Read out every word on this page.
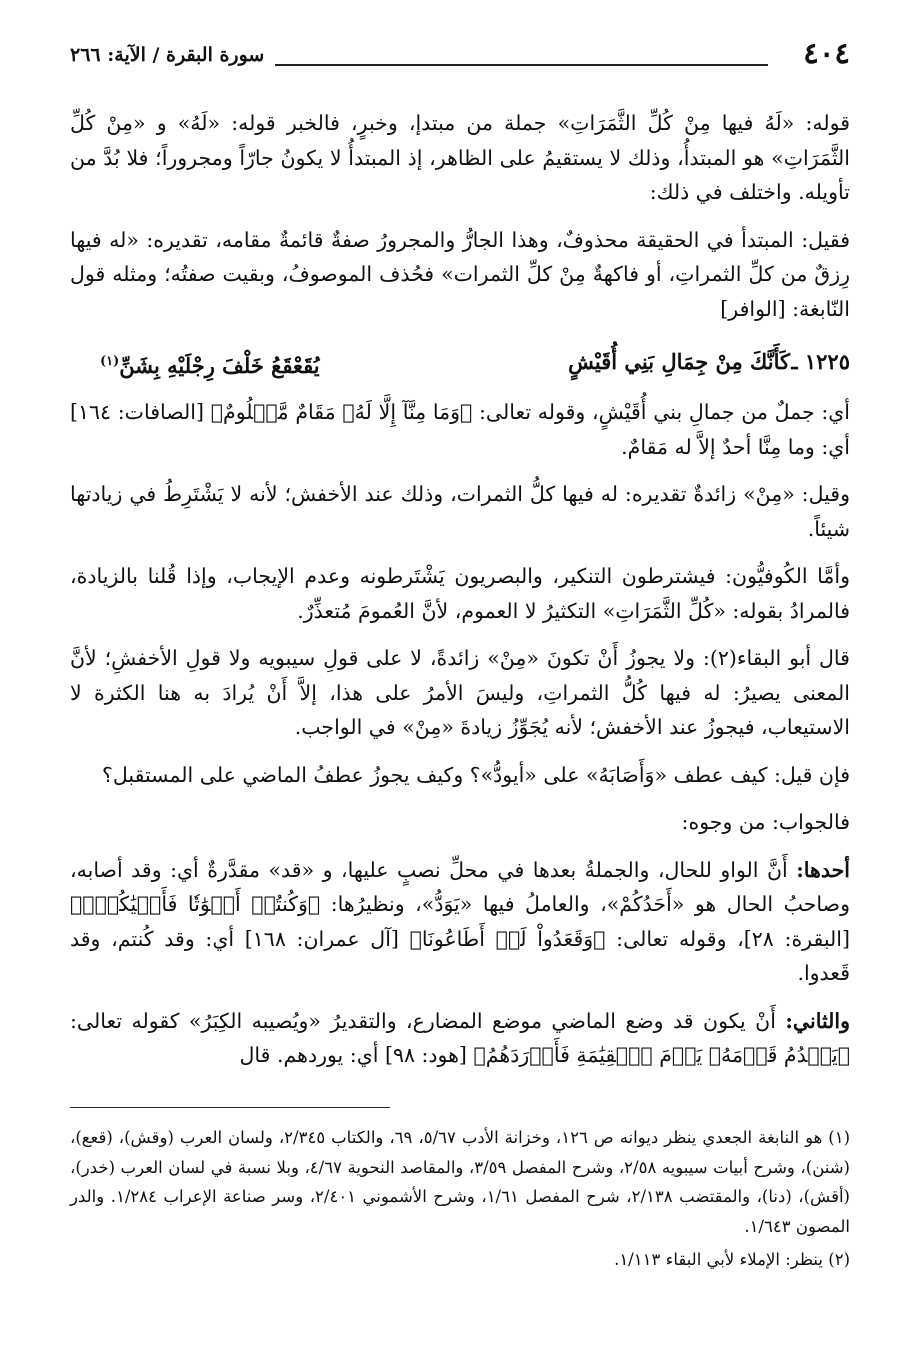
٤٠٤
سورة البقرة / الآية: ٢٦٦

قوله: «لَهُ فيها مِنْ كُلِّ الثَّمَرَاتِ» جملة من مبتدإ، وخبرٍ، فالخبر قوله: «لَهُ» و «مِنْ كُلِّ الثَّمَرَاتِ» هو المبتدأُ، وذلك لا يستقيمُ على الظاهر، إذ المبتدأُ لا يكونُ جارّاً ومجروراً؛ فلا بُدَّ من تأويله. واختلف في ذلك:

فقيل: المبتدأ في الحقيقة محذوفٌ، وهذا الجارُّ والمجرورُ صفةٌ قائمةٌ مقامه، تقديره: «له فيها رِزقٌ من كلِّ الثمراتِ، أو فاكهةٌ مِنْ كلِّ الثمرات» فحُذف الموصوفُ، وبقيت صفتُه؛ ومثله قول النّابغة: [الوافر]

١٢٢٥ ـ
كَأَنَّكَ مِنْ جِمَالِ بَنِي أُقَيْشٍ
يُقَعْقَعُ خَلْفَ رِجْلَيْهِ بِشَنِّ$^{(١)}$

أي: جملٌ من جمالِ بني أُقَيْشٍ، وقوله تعالى: ﴿وَمَا مِنَّآ إِلَّا لَهُۥ مَقَامٌ مَّعۡلُومٌ﴾ [الصافات: ١٦٤] أي: وما مِنَّا أحدٌ إلاَّ له مَقامٌ.

وقيل: «مِنْ» زائدةٌ تقديره: له فيها كلُّ الثمرات، وذلك عند الأخفش؛ لأنه لا يَشْتَرِطُ في زيادتها شيئاً.

وأمَّا الكُوفيُّون: فيشترطون التنكير، والبصريون يَشْتَرطونه وعدم الإيجاب، وإذا قُلنا بالزيادة، فالمرادُ بقوله: «كُلِّ الثَّمَرَاتِ» التكثيرُ لا العموم، لأنَّ العُمومَ مُتعذِّرٌ.

قال أبو البقاء(٢): ولا يجوزُ أَنْ تكونَ «مِنْ» زائدةً، لا على قولِ سيبويه ولا قولِ الأخفشِ؛ لأنَّ المعنى يصيرُ: له فيها كُلُّ الثمراتِ، وليسَ الأمرُ على هذا، إلاَّ أَنْ يُرادَ به هنا الكثرة لا الاستيعاب، فيجوزُ عند الأخفش؛ لأنه يُجَوِّزُ زيادةَ «مِنْ» في الواجب.

فإن قيل: كيف عطف «وَأَصَابَهُ» على «أيودُّ»؟ وكيف يجوزُ عطفُ الماضي على المستقبل؟

فالجواب: من وجوه:

أحدها: أَنَّ الواو للحال، والجملةُ بعدها في محلِّ نصبٍ عليها، و «قد» مقدَّرةٌ أي: وقد أصابه، وصاحبُ الحال هو «أَحَدُكُمْ»، والعاملُ فيها «يَوَدُّ»، ونظيرُها: ﴿وَكُنتُمۡ أَمۡوَٰتٗا فَأَحۡيَٰكُمۡۖ﴾ [البقرة: ٢٨]، وقوله تعالى: ﴿وَقَعَدُواْ لَوۡ أَطَاعُونَا﴾ [آل عمران: ١٦٨] أي: وقد كُنتم، وقد قَعدوا.

والثاني: أَنْ يكون قد وضع الماضي موضع المضارع، والتقديرُ «ويُصيبه الكِبَرُ» كقوله تعالى: ﴿يَقۡدُمُ قَوۡمَهُۥ يَوۡمَ ٱلۡقِيَٰمَةِ فَأَوۡرَدَهُمُ﴾ [هود: ٩٨] أي: يوردهم. قال

(١) هو النابغة الجعدي ينظر ديوانه ص ١٢٦، وخزانة الأدب ٥/٦٧، ٦٩، والكتاب ٢/٣٤٥، ولسان العرب (وقش)، (قعع)، (شنن)، وشرح أبيات سيبويه ٢/٥٨، وشرح المفصل ٣/٥٩، والمقاصد النحوية ٤/٦٧، وبلا نسبة في لسان العرب (خدر)، (أقش)، (دنا)، والمقتضب ٢/١٣٨، شرح المفصل ١/٦١، وشرح الأشموني ٢/٤٠١، وسر صناعة الإعراب ١/٢٨٤. والدر المصون ١/٦٤٣.

(٢) ينظر: الإملاء لأبي البقاء ١/١١٣.
